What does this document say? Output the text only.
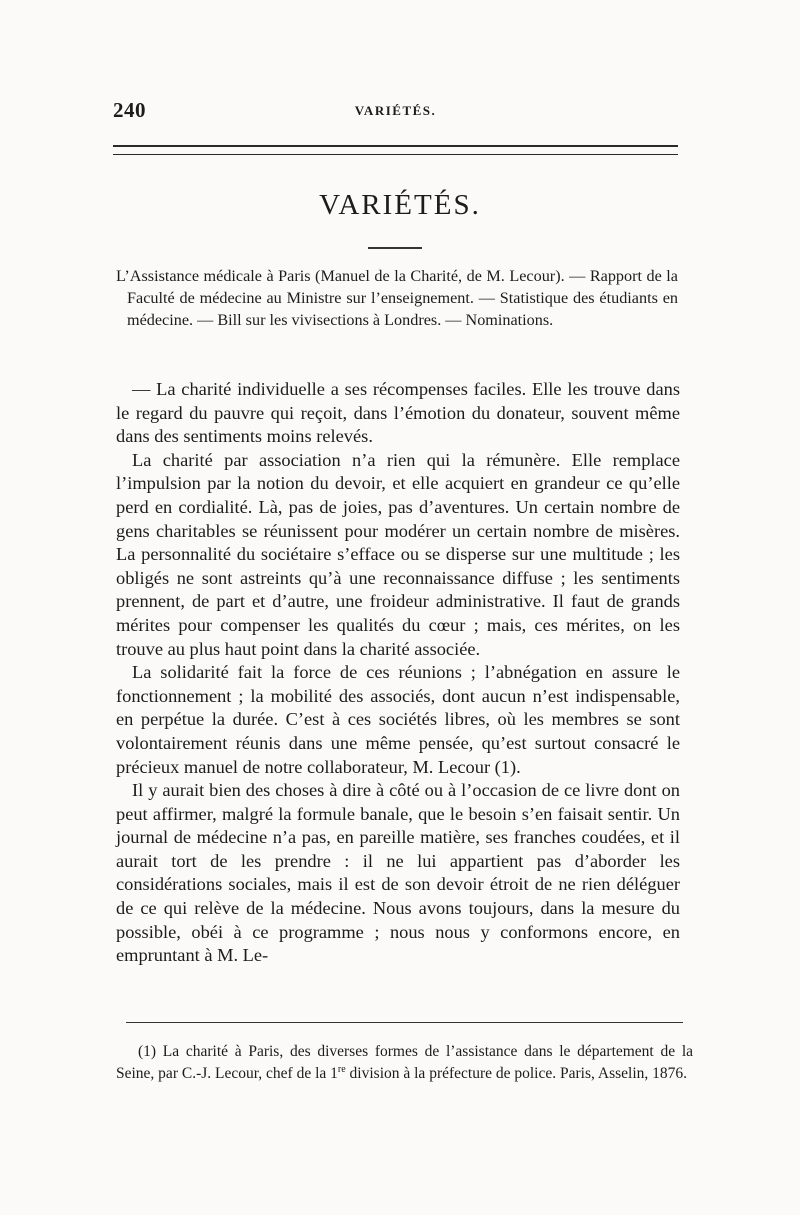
240	VARIÉTÉS.
VARIÉTÉS.

L’Assistance médicale à Paris (Manuel de la Charité, de M. Lecour). — Rapport de la Faculté de médecine au Ministre sur l’enseignement. — Statistique des étudiants en médecine. — Bill sur les vivisections à Londres. — Nominations.

— La charité individuelle a ses récompenses faciles. Elle les trouve dans le regard du pauvre qui reçoit, dans l’émotion du donateur, souvent même dans des sentiments moins relevés.

La charité par association n’a rien qui la rémunère. Elle remplace l’impulsion par la notion du devoir, et elle acquiert en grandeur ce qu’elle perd en cordialité. Là, pas de joies, pas d’aventures. Un certain nombre de gens charitables se réunissent pour modérer un certain nombre de misères. La personnalité du sociétaire s’efface ou se disperse sur une multitude ; les obligés ne sont astreints qu’à une reconnaissance diffuse ; les sentiments prennent, de part et d’autre, une froideur administrative. Il faut de grands mérites pour compenser les qualités du cœur ; mais, ces mérites, on les trouve au plus haut point dans la charité associée.

La solidarité fait la force de ces réunions ; l’abnégation en assure le fonctionnement ; la mobilité des associés, dont aucun n’est indispensable, en perpétue la durée. C’est à ces sociétés libres, où les membres se sont volontairement réunis dans une même pensée, qu’est surtout consacré le précieux manuel de notre collaborateur, M. Lecour (1).

Il y aurait bien des choses à dire à côté ou à l’occasion de ce livre dont on peut affirmer, malgré la formule banale, que le besoin s’en faisait sentir. Un journal de médecine n’a pas, en pareille matière, ses franches coudées, et il aurait tort de les prendre : il ne lui appartient pas d’aborder les considérations sociales, mais il est de son devoir étroit de ne rien déléguer de ce qui relève de la médecine. Nous avons toujours, dans la mesure du possible, obéi à ce programme ; nous nous y conformons encore, en empruntant à M. Le-

(1) La charité à Paris, des diverses formes de l’assistance dans le département de la Seine, par C.-J. Lecour, chef de la 1re division à la préfecture de police. Paris, Asselin, 1876.
